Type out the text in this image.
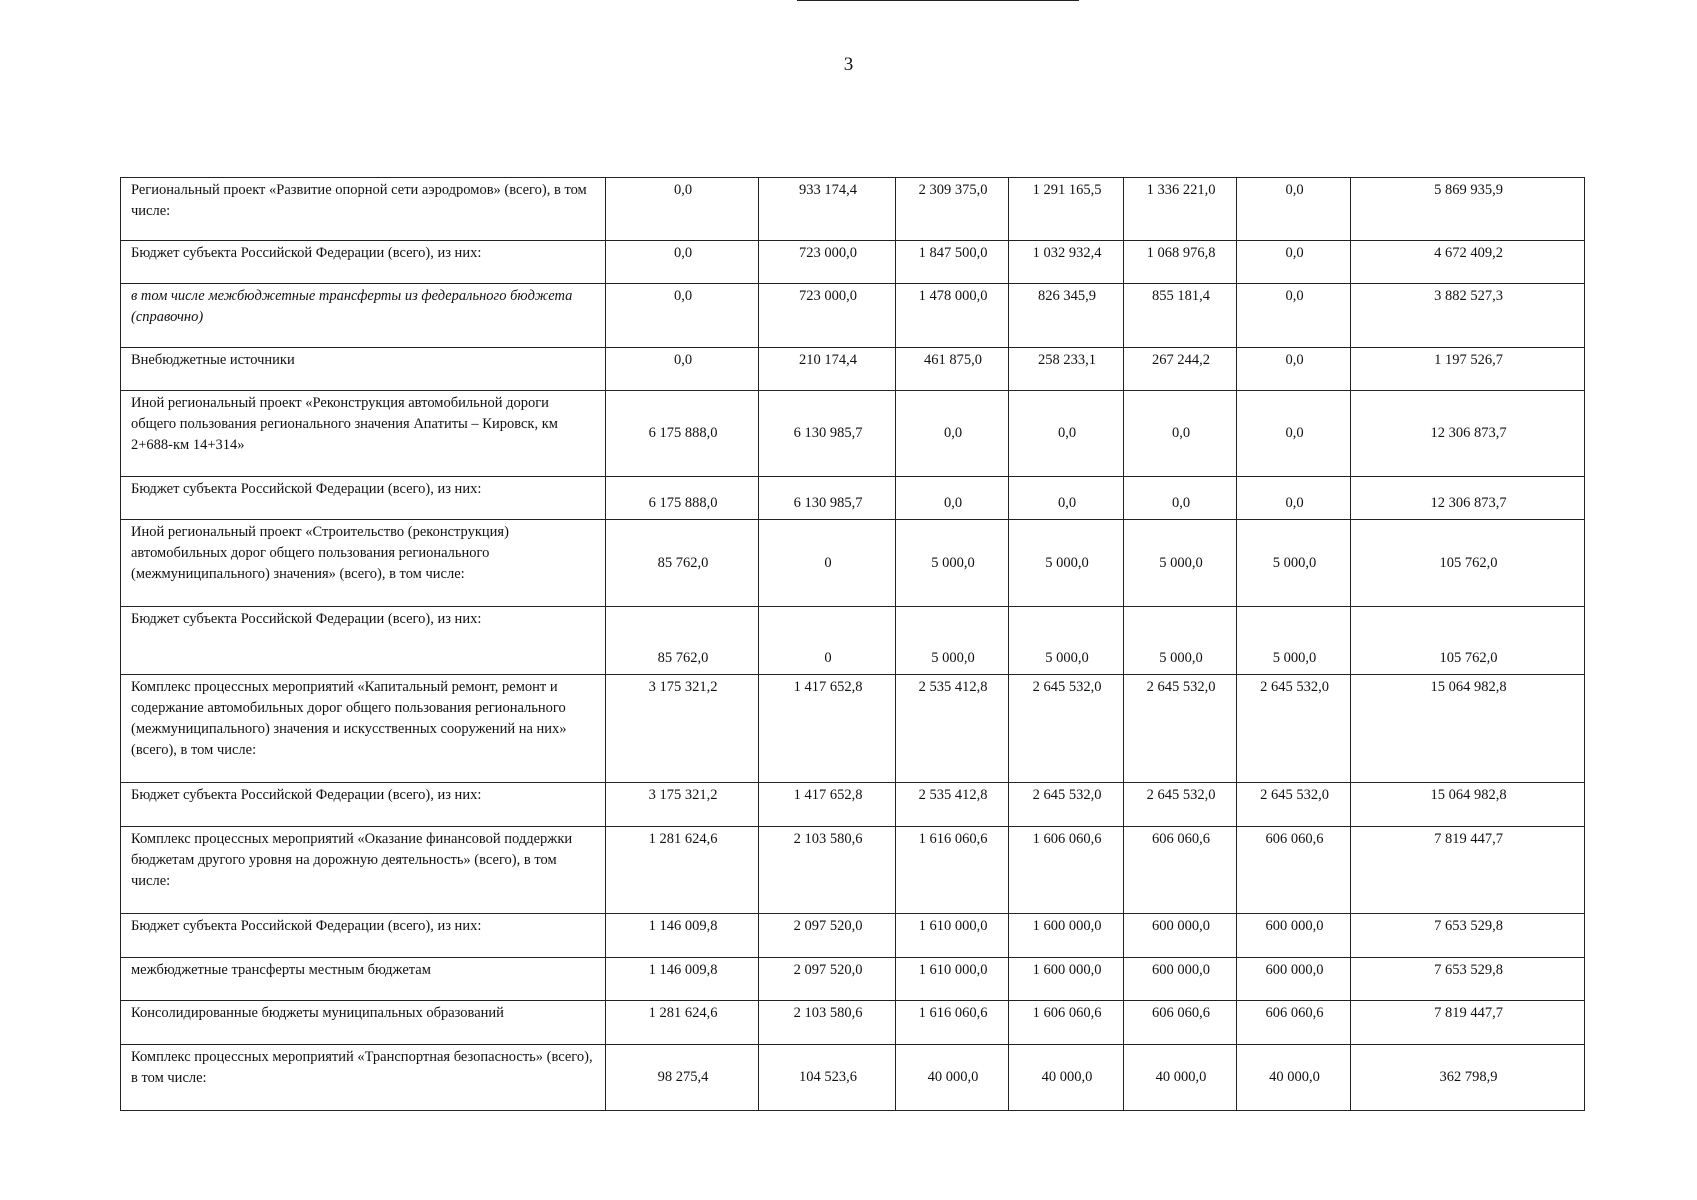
3
Региональный проект «Развитие опорной сети аэродромов» (всего), в том числе:	0,0	933 174,4	2 309 375,0	1 291 165,5	1 336 221,0	0,0	5 869 935,9
Бюджет субъекта Российской Федерации (всего), из них:	0,0	723 000,0	1 847 500,0	1 032 932,4	1 068 976,8	0,0	4 672 409,2
в том числе межбюджетные трансферты из федерального бюджета (справочно)	0,0	723 000,0	1 478 000,0	826 345,9	855 181,4	0,0	3 882 527,3
Внебюджетные источники	0,0	210 174,4	461 875,0	258 233,1	267 244,2	0,0	1 197 526,7
Иной региональный проект «Реконструкция автомобильной дороги общего пользования регионального значения Апатиты – Кировск, км 2+688-км 14+314»	6 175 888,0	6 130 985,7	0,0	0,0	0,0	0,0	12 306 873,7
Бюджет субъекта Российской Федерации (всего), из них:	6 175 888,0	6 130 985,7	0,0	0,0	0,0	0,0	12 306 873,7
Иной региональный проект «Строительство (реконструкция) автомобильных дорог общего пользования регионального (межмуниципального) значения» (всего), в том числе:	85 762,0	0	5 000,0	5 000,0	5 000,0	5 000,0	105 762,0
Бюджет субъекта Российской Федерации (всего), из них:	85 762,0	0	5 000,0	5 000,0	5 000,0	5 000,0	105 762,0
Комплекс процессных мероприятий «Капитальный ремонт, ремонт и содержание автомобильных дорог общего пользования регионального (межмуниципального) значения и искусственных сооружений на них» (всего), в том числе:	3 175 321,2	1 417 652,8	2 535 412,8	2 645 532,0	2 645 532,0	2 645 532,0	15 064 982,8
Бюджет субъекта Российской Федерации (всего), из них:	3 175 321,2	1 417 652,8	2 535 412,8	2 645 532,0	2 645 532,0	2 645 532,0	15 064 982,8
Комплекс процессных мероприятий «Оказание финансовой поддержки бюджетам другого уровня на дорожную деятельность» (всего), в том числе:	1 281 624,6	2 103 580,6	1 616 060,6	1 606 060,6	606 060,6	606 060,6	7 819 447,7
Бюджет субъекта Российской Федерации (всего), из них:	1 146 009,8	2 097 520,0	1 610 000,0	1 600 000,0	600 000,0	600 000,0	7 653 529,8
межбюджетные трансферты местным бюджетам	1 146 009,8	2 097 520,0	1 610 000,0	1 600 000,0	600 000,0	600 000,0	7 653 529,8
Консолидированные бюджеты муниципальных образований	1 281 624,6	2 103 580,6	1 616 060,6	1 606 060,6	606 060,6	606 060,6	7 819 447,7
Комплекс процессных мероприятий «Транспортная безопасность» (всего), в том числе:	98 275,4	104 523,6	40 000,0	40 000,0	40 000,0	40 000,0	362 798,9
